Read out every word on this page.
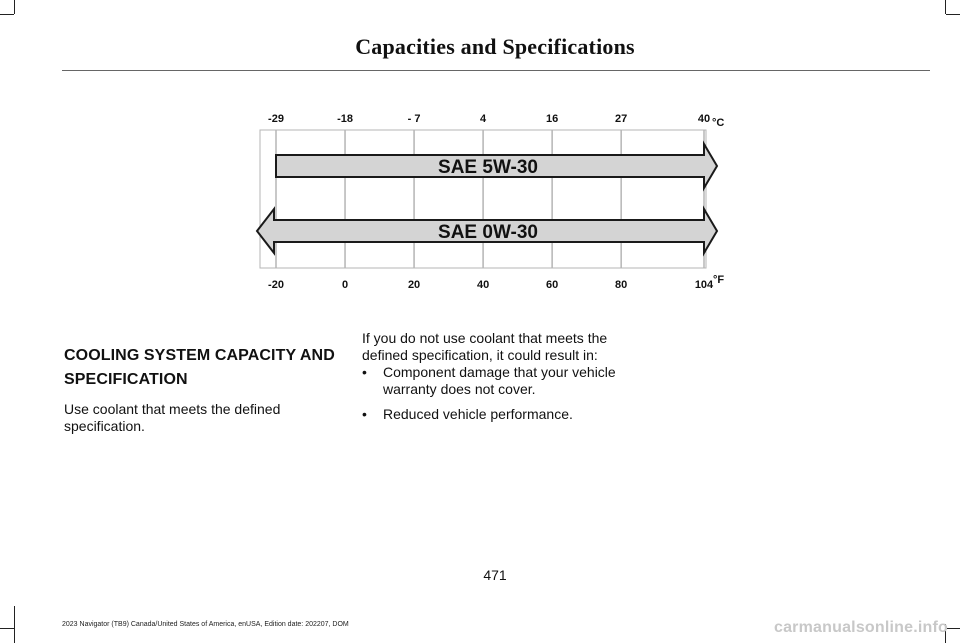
Capacities and Specifications
SAE 5W-30
SAE 0W-30
-29	-18	- 7	4	16	27	40 °C
-20	0	20	40	60	80	104 °F
COOLING SYSTEM CAPACITY AND
SPECIFICATION
Use coolant that meets the defined specification.
If you do not use coolant that meets the defined specification, it could result in:
• Component damage that your vehicle warranty does not cover.
• Reduced vehicle performance.
471
2023 Navigator (TB9) Canada/United States of America, enUSA, Edition date: 202207, DOM	carmanualsonline.info
